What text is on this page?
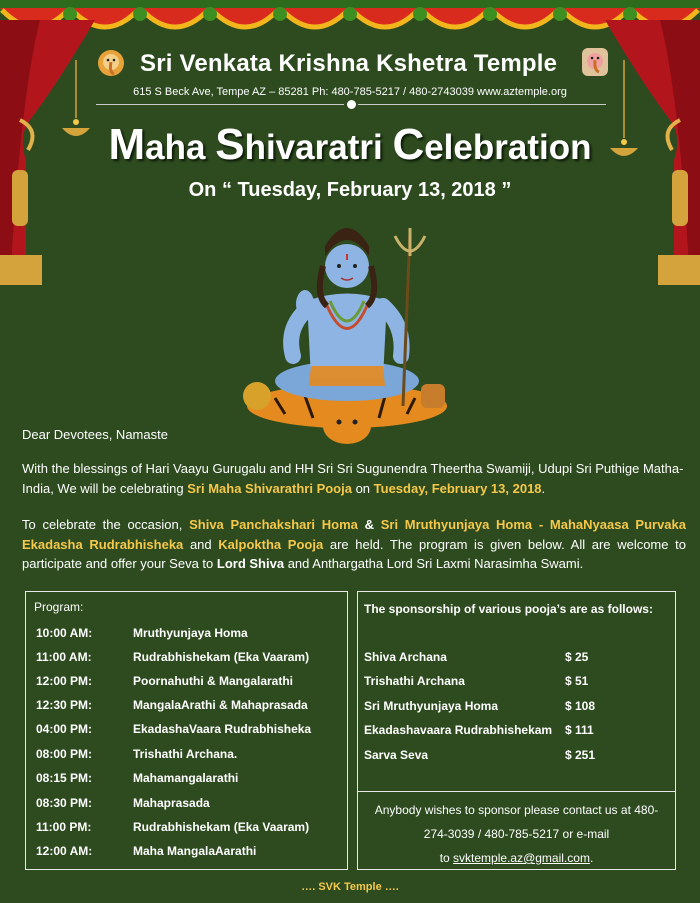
Sri Venkata Krishna Kshetra Temple
615 S Beck Ave, Tempe AZ – 85281 Ph: 480-785-5217 / 480-2743039 www.aztemple.org
Maha Shivaratri Celebration
On “ Tuesday, February 13, 2018 ”
Dear Devotees, Namaste
With the blessings of Hari Vaayu Gurugalu and HH Sri Sri Sugunendra Theertha Swamiji, Udupi Sri Puthige Matha-India, We will be celebrating Sri Maha Shivarathri Pooja on Tuesday, February 13, 2018.
To celebrate the occasion, Shiva Panchakshari Homa & Sri Mruthyunjaya Homa - MahaNyaasa Purvaka Ekadasha Rudrabhisheka and Kalpoktha Pooja are held. The program is given below. All are welcome to participate and offer your Seva to Lord Shiva and Anthargatha Lord Sri Laxmi Narasimha Swami.
Program:
10:00 AM:	Mruthyunjaya Homa
11:00 AM:	Rudrabhishekam (Eka Vaaram)
12:00 PM:	Poornahuthi & Mangalarathi
12:30 PM:	MangalaArathi & Mahaprasada
04:00 PM:	EkadashaVaara Rudrabhisheka
08:00 PM:	Trishathi Archana.
08:15 PM:	Mahamangalarathi
08:30 PM:	Mahaprasada
11:00 PM:	Rudrabhishekam (Eka Vaaram)
12:00 AM:	Maha MangalaAarathi
The sponsorship of various pooja’s are as follows:
Shiva Archana	$ 25
Trishathi Archana	$ 51
Sri Mruthyunjaya Homa	$ 108
Ekadashavaara Rudrabhishekam $ 111
Sarva Seva	$ 251
Anybody wishes to sponsor please contact us at 480-
274-3039 / 480-785-5217 or e-mail
to svktemple.az@gmail.com.
…. SVK Temple ….
